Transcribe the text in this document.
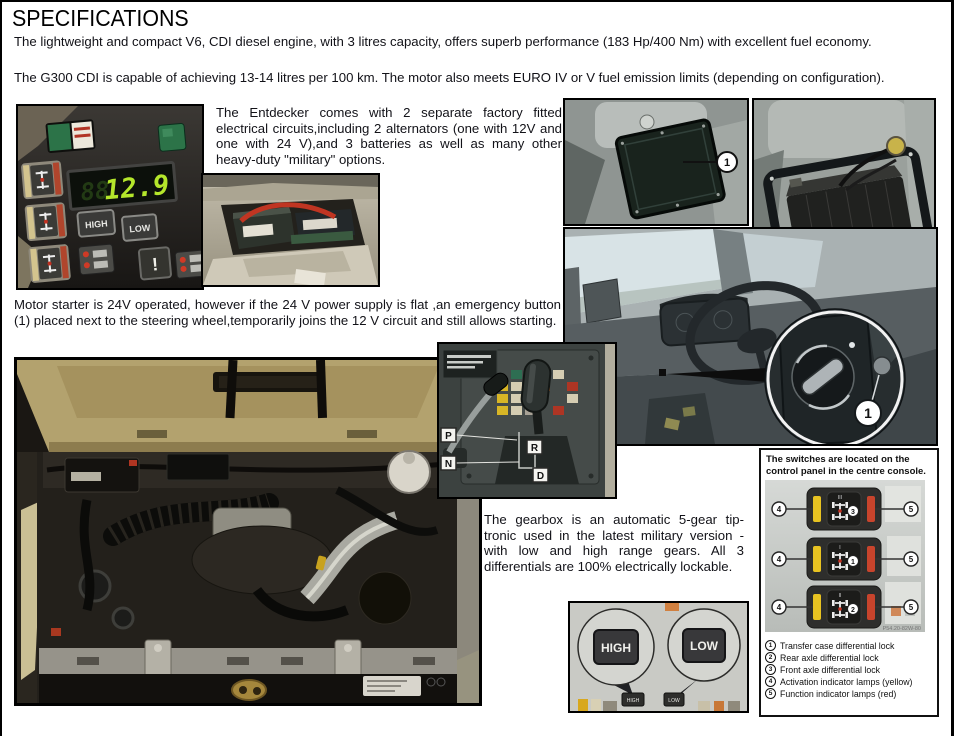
SPECIFICATIONS
The lightweight and compact V6, CDI diesel engine, with 3 litres capacity, offers superb performance (183 Hp/400 Nm) with excellent fuel economy.
The G300 CDI is capable of achieving 13-14 litres per 100 km. The motor also meets EURO IV or V fuel emission limits (depending on configuration).
The Entdecker comes with 2 separate factory fitted electrical circuits,including 2 alternators (one with 12V and one with 24 V),and 3 batteries as well as many other heavy-duty "military" options.
Motor starter is 24V operated, however if the 24 V power supply is flat ,an emergency button (1) placed next to the steering wheel,temporarily joins the 12 V circuit and still allows starting.
The gearbox is an automatic 5-gear tip-tronic used in the latest military version - with low and high range gears. All 3 differentials are 100% electrically lockable.
88
12.9
HIGH LOW
!
1
1
P
N
R
D
HIGH	LOW
HIGH	LOW
The switches are located on the control panel in the centre console.
III
3
4	5
I
1
4	5
II
2
4	5
P54.20-82W-80
1 Transfer case differential lock
2 Rear axle differential lock
3 Front axle differential lock
4 Activation indicator lamps (yellow)
5 Function indicator lamps (red)
